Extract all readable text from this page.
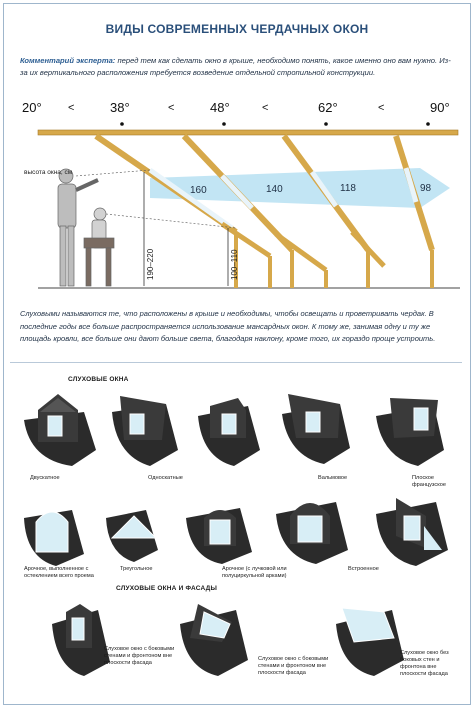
ВИДЫ СОВРЕМЕННЫХ ЧЕРДАЧНЫХ ОКОН
Комментарий эксперта: перед тем как сделать окно в крыше, необходимо понять, какое именно оно вам нужно. Из-за их вертикального расположения требуется возведение отдельной стропильной конструкции.
20° <	38°	<	48°	<	62°	<	90°
высота окна, см
190–220	100–110
160	140	118	98
Слуховыми называются те, что расположены в крыше и необходимы, чтобы освещать и проветривать чердак. В последние годы все больше распространяется использование мансардных окон. К тому же, занимая одну и ту же площадь кровли, все больше они дают больше света, благодаря наклону, кроме того, их гораздо проще устроить.
СЛУХОВЫЕ ОКНА
СЛУХОВЫЕ ОКНА И ФАСАДЫ
Двускатное	Односкатные	Вальмовое	Плоское французское
Арочное, выполненное с остеклением всего проема
Треугольное	Арочное (с лучковой или полуциркульной арками)
Встроенное
Слуховое окно с боковыми стенами и фронтоном вне плоскости фасада
Слуховое окно с боковыми стенами и фронтоном вне плоскости фасада
Слуховое окно без боковых стен и фронтона вне плоскости фасада
